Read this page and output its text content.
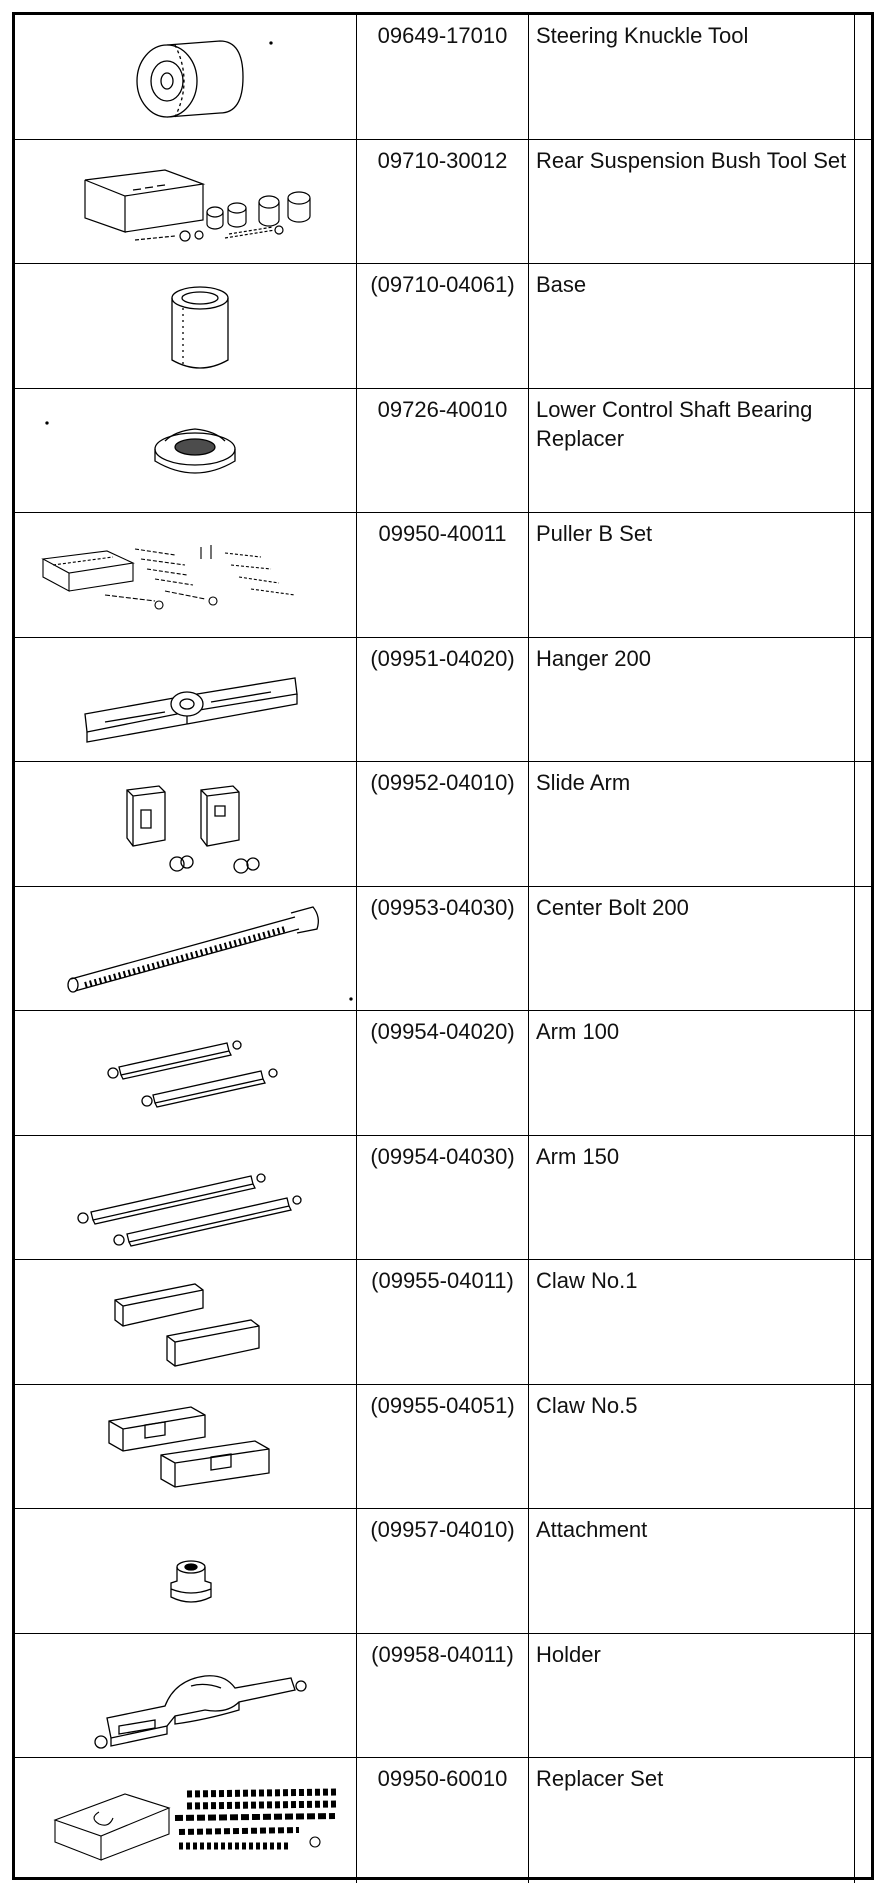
09649-17010	Steering Knuckle Tool
09710-30012	Rear Suspension Bush Tool Set
(09710-04061) Base
09726-40010	Lower Control Shaft Bearing Replacer
09950-40011	Puller B Set
(09951-04020) Hanger 200
(09952-04010) Slide Arm
(09953-04030) Center Bolt 200
(09954-04020) Arm 100
(09954-04030) Arm 150
(09955-04011)	Claw No.1
(09955-04051) Claw No.5
(09957-04010) Attachment
(09958-04011)	Holder
09950-60010	Replacer Set
